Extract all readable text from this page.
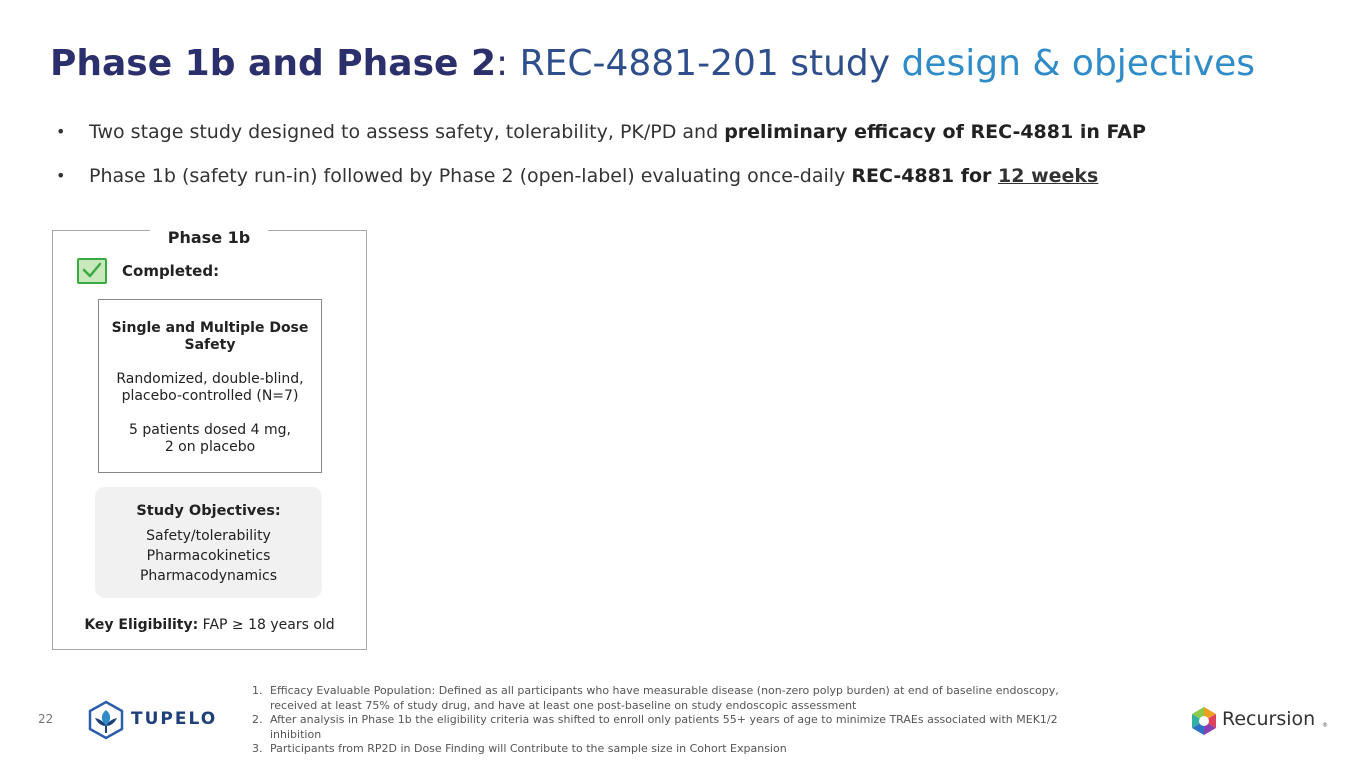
Phase 1b and Phase 2: REC-4881-201 study design & objectives
• Two stage study designed to assess safety, tolerability, PK/PD and preliminary efficacy of REC-4881 in FAP
• Phase 1b (safety run-in) followed by Phase 2 (open-label) evaluating once-daily REC-4881 for 12 weeks
Phase 1b
Completed:
Single and Multiple Dose Safety
Randomized, double-blind,
placebo-controlled (N=7)
5 patients dosed 4 mg,
2 on placebo
Study Objectives:
Safety/tolerability
Pharmacokinetics
Pharmacodynamics
Key Eligibility: FAP ≥ 18 years old
22	TUPELO
1. Efficacy Evaluable Population: Defined as all participants who have measurable disease (non-zero polyp burden) at end of baseline endoscopy, received at least 75% of study drug, and have at least one post-baseline on study endoscopic assessment
2. After analysis in Phase 1b the eligibility criteria was shifted to enroll only patients 55+ years of age to minimize TRAEs associated with MEK1/2 inhibition
3. Participants from RP2D in Dose Finding will Contribute to the sample size in Cohort Expansion
Recursion ®
